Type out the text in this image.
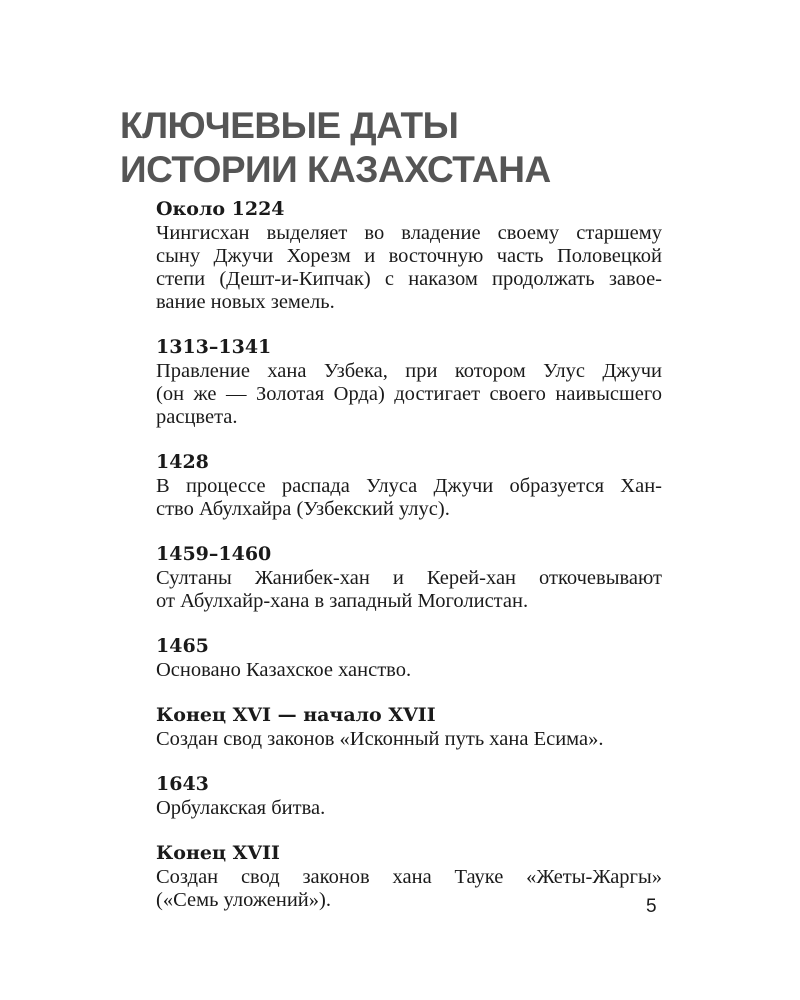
КЛЮЧЕВЫЕ ДАТЫ
ИСТОРИИ КАЗАХСТАНА
Около 1224
Чингисхан выделяет во владение своему старшему
сыну Джучи Хорезм и восточную часть Половецкой
степи (Дешт-и-Кипчак) с наказом продолжать завое-
вание новых земель.
1313–1341
Правление хана Узбека, при котором Улус Джучи
(он же — Золотая Орда) достигает своего наивысшего
расцвета.
1428
В процессе распада Улуса Джучи образуется Хан-
ство Абулхайра (Узбекский улус).
1459–1460
Султаны Жанибек-хан и Керей-хан откочевывают
от Абулхайр-хана в западный Моголистан.
1465
Основано Казахское ханство.
Конец XVI — начало XVII
Создан свод законов «Исконный путь хана Есима».
1643
Орбулакская битва.
Конец XVII
Создан свод законов хана Тауке «Жеты-Жаргы»
(«Семь уложений»).	5
